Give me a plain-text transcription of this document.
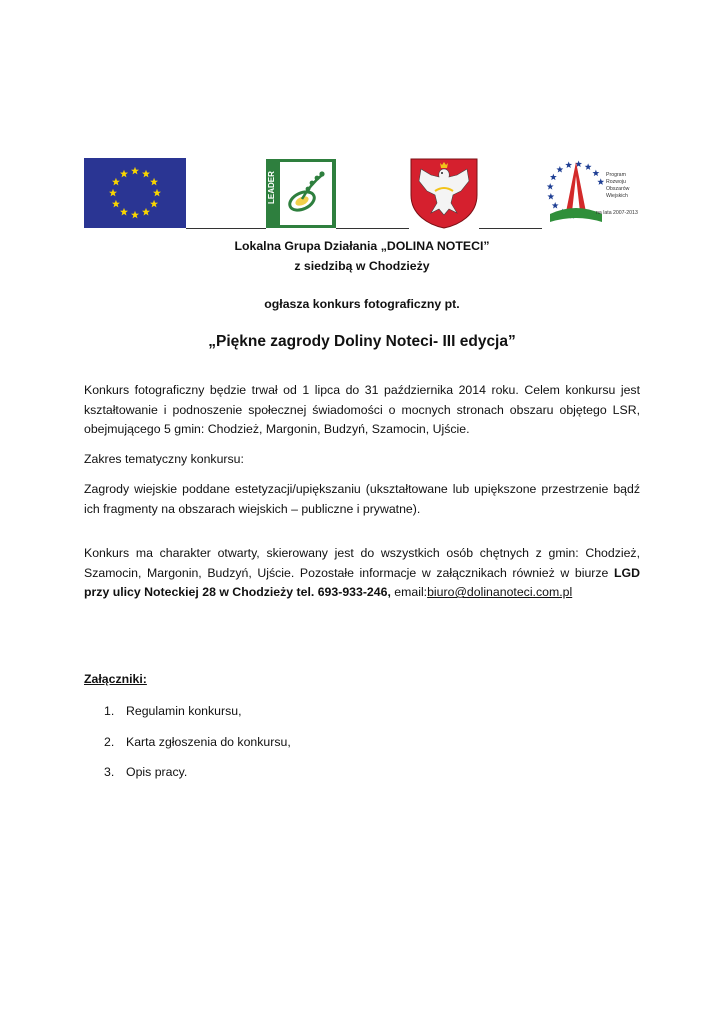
LEADER	Program
Rozwoju
Obszarów
Wiejskich
na lata 2007-2013
Lokalna Grupa Działania „DOLINA NOTECI”
z siedzibą w Chodzieży
ogłasza konkurs fotograficzny pt.
„Piękne zagrody Doliny Noteci- III edycja”

Konkurs fotograficzny będzie trwał od 1 lipca do 31 października 2014 roku. Celem konkursu jest kształtowanie i podnoszenie społecznej świadomości o mocnych stronach obszaru objętego LSR, obejmującego 5 gmin: Chodzież, Margonin, Budzyń, Szamocin, Ujście.

Zakres tematyczny konkursu:

Zagrody wiejskie poddane estetyzacji/upiększaniu (ukształtowane lub upiększone przestrzenie bądź ich fragmenty na obszarach wiejskich – publiczne i prywatne).

Konkurs ma charakter otwarty, skierowany jest do wszystkich osób chętnych z gmin: Chodzież, Szamocin, Margonin, Budzyń, Ujście. Pozostałe informacje w załącznikach również w biurze LGD przy ulicy Noteckiej 28 w Chodzieży tel. 693-933-246, email:biuro@dolinanoteci.com.pl

Załączniki:
1. Regulamin konkursu,
2. Karta zgłoszenia do konkursu,
3. Opis pracy.
